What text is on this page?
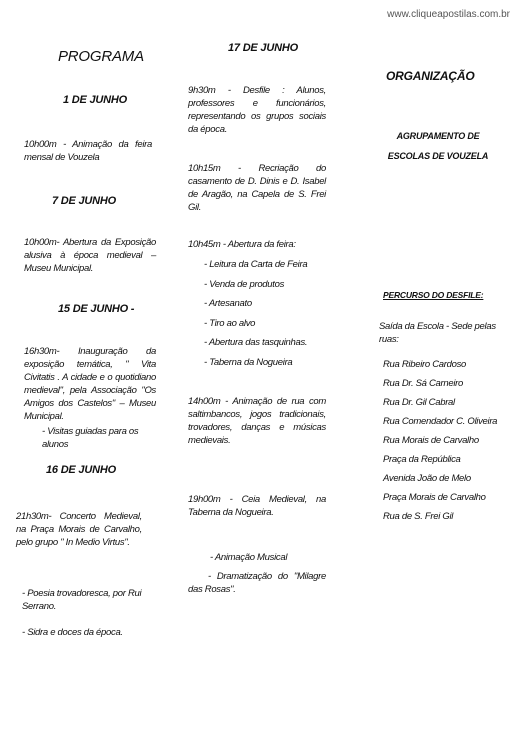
www.cliqueapostilas.com.br
PROGRAMA
1 DE JUNHO
10h00m - Animação da feira mensal de Vouzela
7 DE JUNHO
10h00m- Abertura da Exposição alusiva à época medieval – Museu Municipal.
15 DE JUNHO -
16h30m- Inauguração da exposição temática, " Vita Civitatis . A cidade e o quotidiano medieval", pela Associação "Os Amigos dos Castelos" – Museu Municipal.
- Visitas guiadas para os alunos
16 DE JUNHO
21h30m- Concerto Medieval, na Praça Morais de Carvalho, pelo grupo " In Medio Virtus".
- Poesia trovadoresca, por Rui Serrano.
- Sidra e doces da época.
17 DE JUNHO
9h30m - Desfile : Alunos, professores e funcionários, representando os grupos sociais da época.
10h15m - Recriação do casamento de D. Dinis e D. Isabel de Aragão, na Capela de S. Frei Gil.
10h45m - Abertura da feira:
- Leitura da Carta de Feira
- Venda de produtos
- Artesanato
- Tiro ao alvo
- Abertura das tasquinhas.
- Taberna da Nogueira
14h00m - Animação de rua com saltimbancos, jogos tradicionais, trovadores, danças e músicas medievais.
19h00m - Ceia Medieval, na Taberna da Nogueira.
- Animação Musical
- Dramatização do "Milagre das Rosas".
ORGANIZAÇÃO
AGRUPAMENTO DE ESCOLAS DE VOUZELA
PERCURSO DO DESFILE:
Saída da Escola - Sede pelas ruas:
Rua Ribeiro Cardoso
Rua Dr. Sá Carneiro
Rua Dr. Gil Cabral
Rua Comendador C. Oliveira
Rua Morais de Carvalho
Praça da República
Avenida João de Melo
Praça Morais de Carvalho
Rua de S. Frei Gil
